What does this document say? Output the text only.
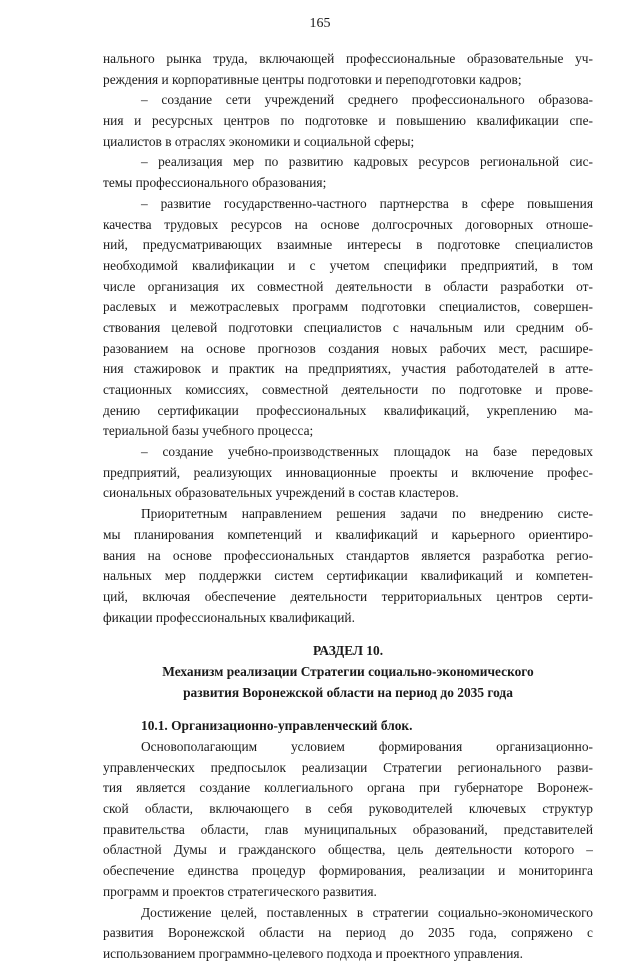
165
нального рынка труда, включающей профессиональные образовательные уч-
реждения и корпоративные центры подготовки и переподготовки кадров;
– создание сети учреждений среднего профессионального образова-
ния и ресурсных центров по подготовке и повышению квалификации спе-
циалистов в отраслях экономики и социальной сферы;
– реализация мер по развитию кадровых ресурсов региональной сис-
темы профессионального образования;
– развитие государственно-частного партнерства в сфере повышения
качества трудовых ресурсов на основе долгосрочных договорных отноше-
ний, предусматривающих взаимные интересы в подготовке специалистов
необходимой квалификации и с учетом специфики предприятий, в том
числе организация их совместной деятельности в области разработки от-
раслевых и межотраслевых программ подготовки специалистов, совершен-
ствования целевой подготовки специалистов с начальным или средним об-
разованием на основе прогнозов создания новых рабочих мест, расшире-
ния стажировок и практик на предприятиях, участия работодателей в атте-
стационных комиссиях, совместной деятельности по подготовке и прове-
дению сертификации профессиональных квалификаций, укреплению ма-
териальной базы учебного процесса;
– создание учебно-производственных площадок на базе передовых
предприятий, реализующих инновационные проекты и включение профес-
сиональных образовательных учреждений в состав кластеров.
Приоритетным направлением решения задачи по внедрению систе-
мы планирования компетенций и квалификаций и карьерного ориентиро-
вания на основе профессиональных стандартов является разработка регио-
нальных мер поддержки систем сертификации квалификаций и компетен-
ций, включая обеспечение деятельности территориальных центров серти-
фикации профессиональных квалификаций.
РАЗДЕЛ 10.
Механизм реализации Стратегии социально-экономического
развития Воронежской области на период до 2035 года
10.1. Организационно-управленческий блок.
Основополагающим условием формирования организационно-
управленческих предпосылок реализации Стратегии регионального разви-
тия является создание коллегиального органа при губернаторе Воронеж-
ской области, включающего в себя руководителей ключевых структур
правительства области, глав муниципальных образований, представителей
областной Думы и гражданского общества, цель деятельности которого –
обеспечение единства процедур формирования, реализации и мониторинга
программ и проектов стратегического развития.
Достижение целей, поставленных в стратегии социально-экономического
развития Воронежской области на период до 2035 года, сопряжено с
использованием программно-целевого подхода и проектного управления.
